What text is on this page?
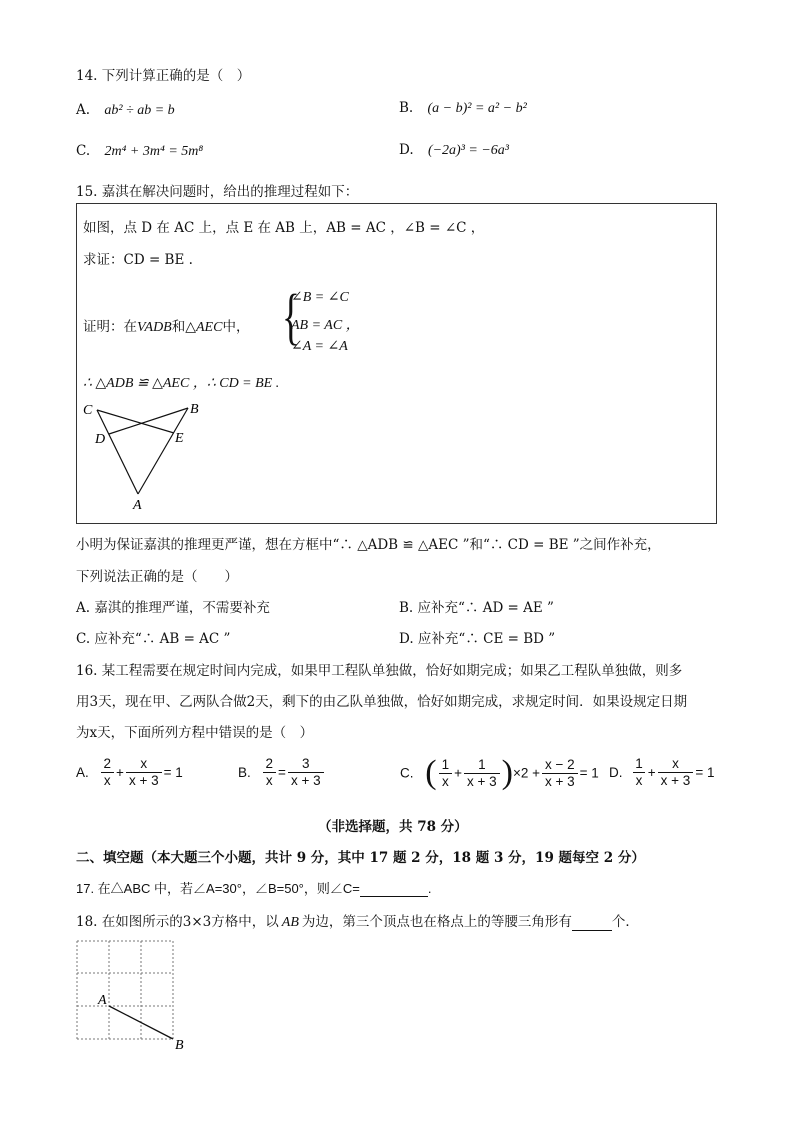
14. 下列计算正确的是（　）
A. ab² ÷ ab = b	B. (a − b)² = a² − b²
C. 2m⁴ + 3m⁴ = 5m⁸	D. (−2a)³ = −6a³
15. 嘉淇在解决问题时，给出的推理过程如下：
如图，点 D 在 AC 上，点 E 在 AB 上，AB = AC ，∠B = ∠C ，
求证：CD = BE .
证明：在VADB和△AEC中， {
∠B = ∠C
AB = AC ，
∠A = ∠A
∴ △ADB ≌ △AEC ，∴ CD = BE .
C	B
D	E
A
小明为保证嘉淇的推理更严谨，想在方框中“∴ △ADB ≌ △AEC ”和“∴ CD = BE ”之间作补充，
下列说法正确的是（　　）
A. 嘉淇的推理严谨，不需要补充	B. 应补充“∴ AD = AE ”
C. 应补充“∴ AB = AC ”	D. 应补充“∴ CE = BD ”
16. 某工程需要在规定时间内完成，如果甲工程队单独做，恰好如期完成；如果乙工程队单独做，则多
用3天，现在甲、乙两队合做2天，剩下的由乙队单独做，恰好如期完成，求规定时间．如果设规定日期
为x天，下面所列方程中错误的是（　）
A. $\frac{2}{x} + \frac{x}{x + 3} = 1$	B. $\frac{2}{x} = \frac{3}{x + 3}$	C. ( $\frac{1}{x} + \frac{1}{x + 3} )\times 2 + \frac{x - 2}{x + 3} = 1$ D. $\frac{1}{x} + \frac{x}{x + 3} = 1$
（非选择题，共 78 分）
二、填空题（本大题三个小题，共计 9 分，其中 17 题 2 分，18 题 3 分，19 题每空 2 分）
17. 在△ABC 中，若∠A=30°，∠B=50°，则∠C=	.
18. 在如图所示的3×3方格中，以 AB 为边，第三个顶点也在格点上的等腰三角形有	个．
A
B
